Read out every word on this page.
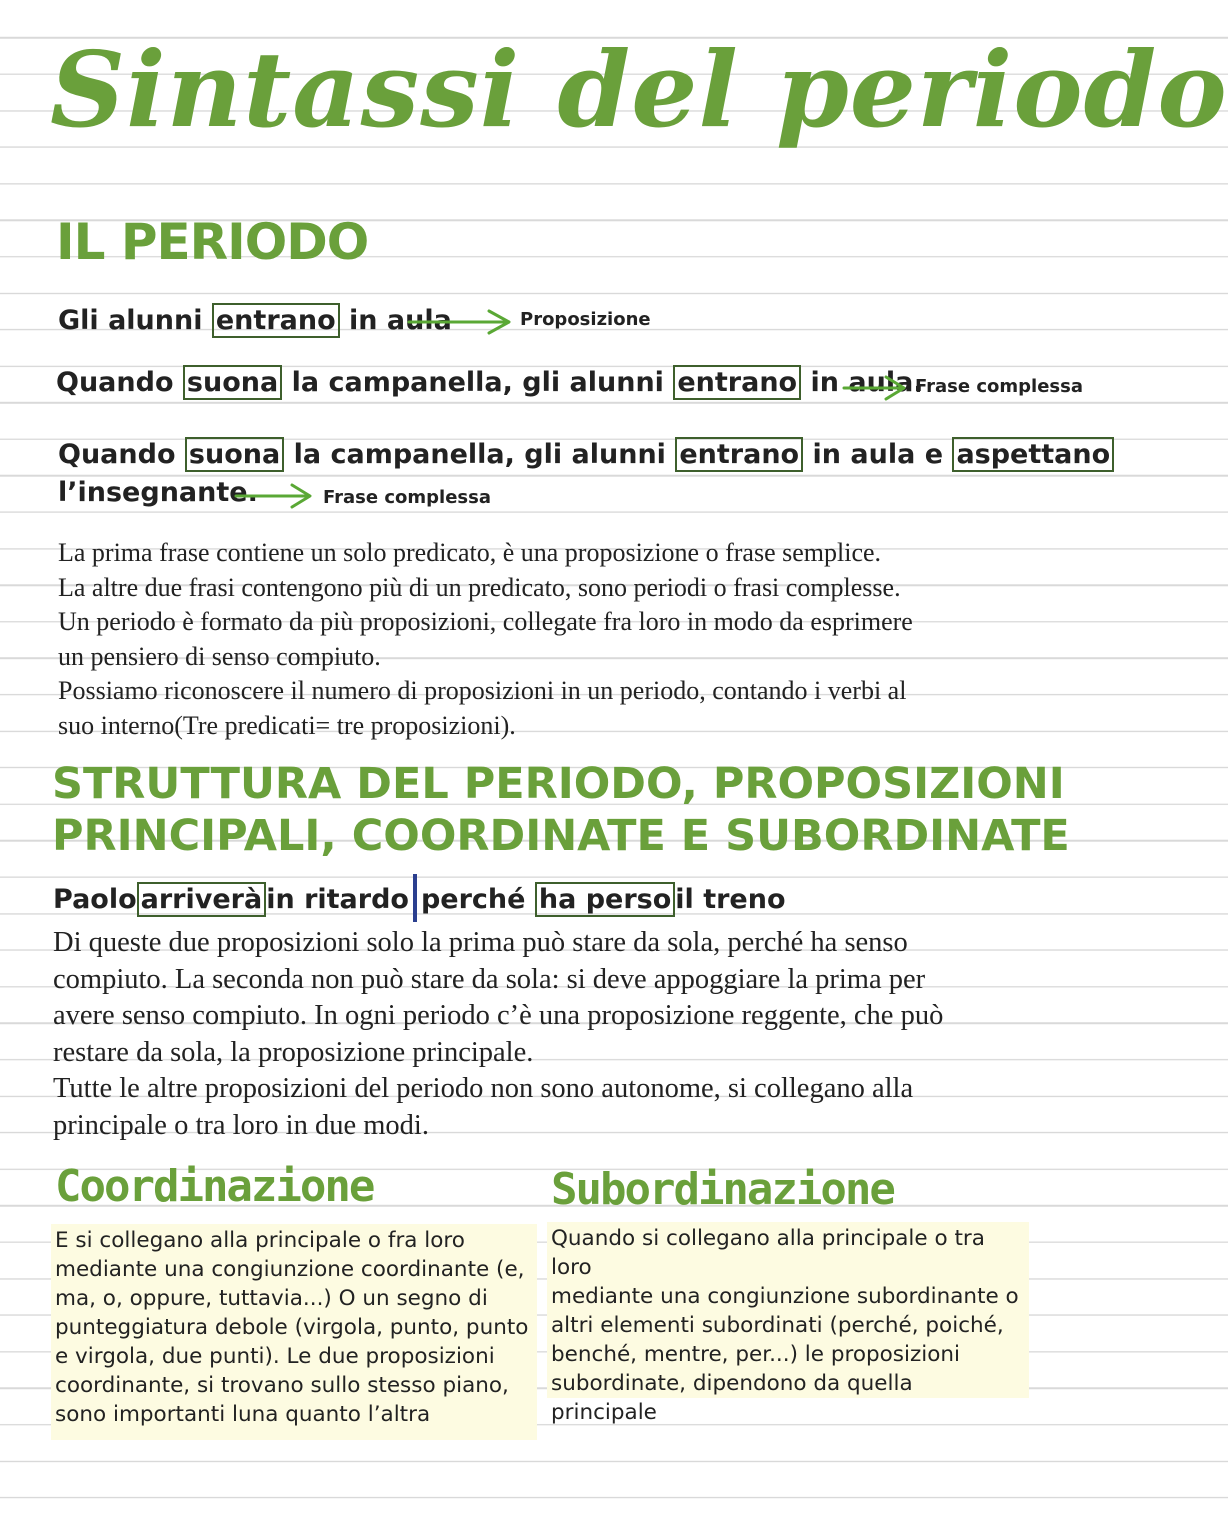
Sintassi del periodo
IL PERIODO
Gli alunni entrano in aula	Proposizione
Quando suona la campanella, gli alunni entrano in aula.
Frase complessa
Quando suona la campanella, gli alunni entrano in aula e aspettano
l’insegnante.	Frase complessa
La prima frase contiene un solo predicato, è una proposizione o frase semplice.
La altre due frasi contengono più di un predicato, sono periodi o frasi complesse.
Un periodo è formato da più proposizioni, collegate fra loro in modo da esprimere
un pensiero di senso compiuto.
Possiamo riconoscere il numero di proposizioni in un periodo, contando i verbi al
suo interno(Tre predicati= tre proposizioni).
STRUTTURA DEL PERIODO, PROPOSIZIONI
PRINCIPALI, COORDINATE E SUBORDINATE
Paolo arriverà in ritardo perché ha perso il treno
Di queste due proposizioni solo la prima può stare da sola, perché ha senso
compiuto. La seconda non può stare da sola: si deve appoggiare la prima per
avere senso compiuto. In ogni periodo c’è una proposizione reggente, che può
restare da sola, la proposizione principale.
Tutte le altre proposizioni del periodo non sono autonome, si collegano alla
principale o tra loro in due modi.
Coordinazione
E si collegano alla principale o fra loro
mediante una congiunzione coordinante (e,
ma, o, oppure, tuttavia...) O un segno di
punteggiatura debole (virgola, punto, punto
e virgola, due punti). Le due proposizioni
coordinante, si trovano sullo stesso piano,
sono importanti luna quanto l’altra
Subordinazione
Quando si collegano alla principale o tra loro
mediante una congiunzione subordinante o
altri elementi subordinati (perché, poiché,
benché, mentre, per...) le proposizioni
subordinate, dipendono da quella principale
